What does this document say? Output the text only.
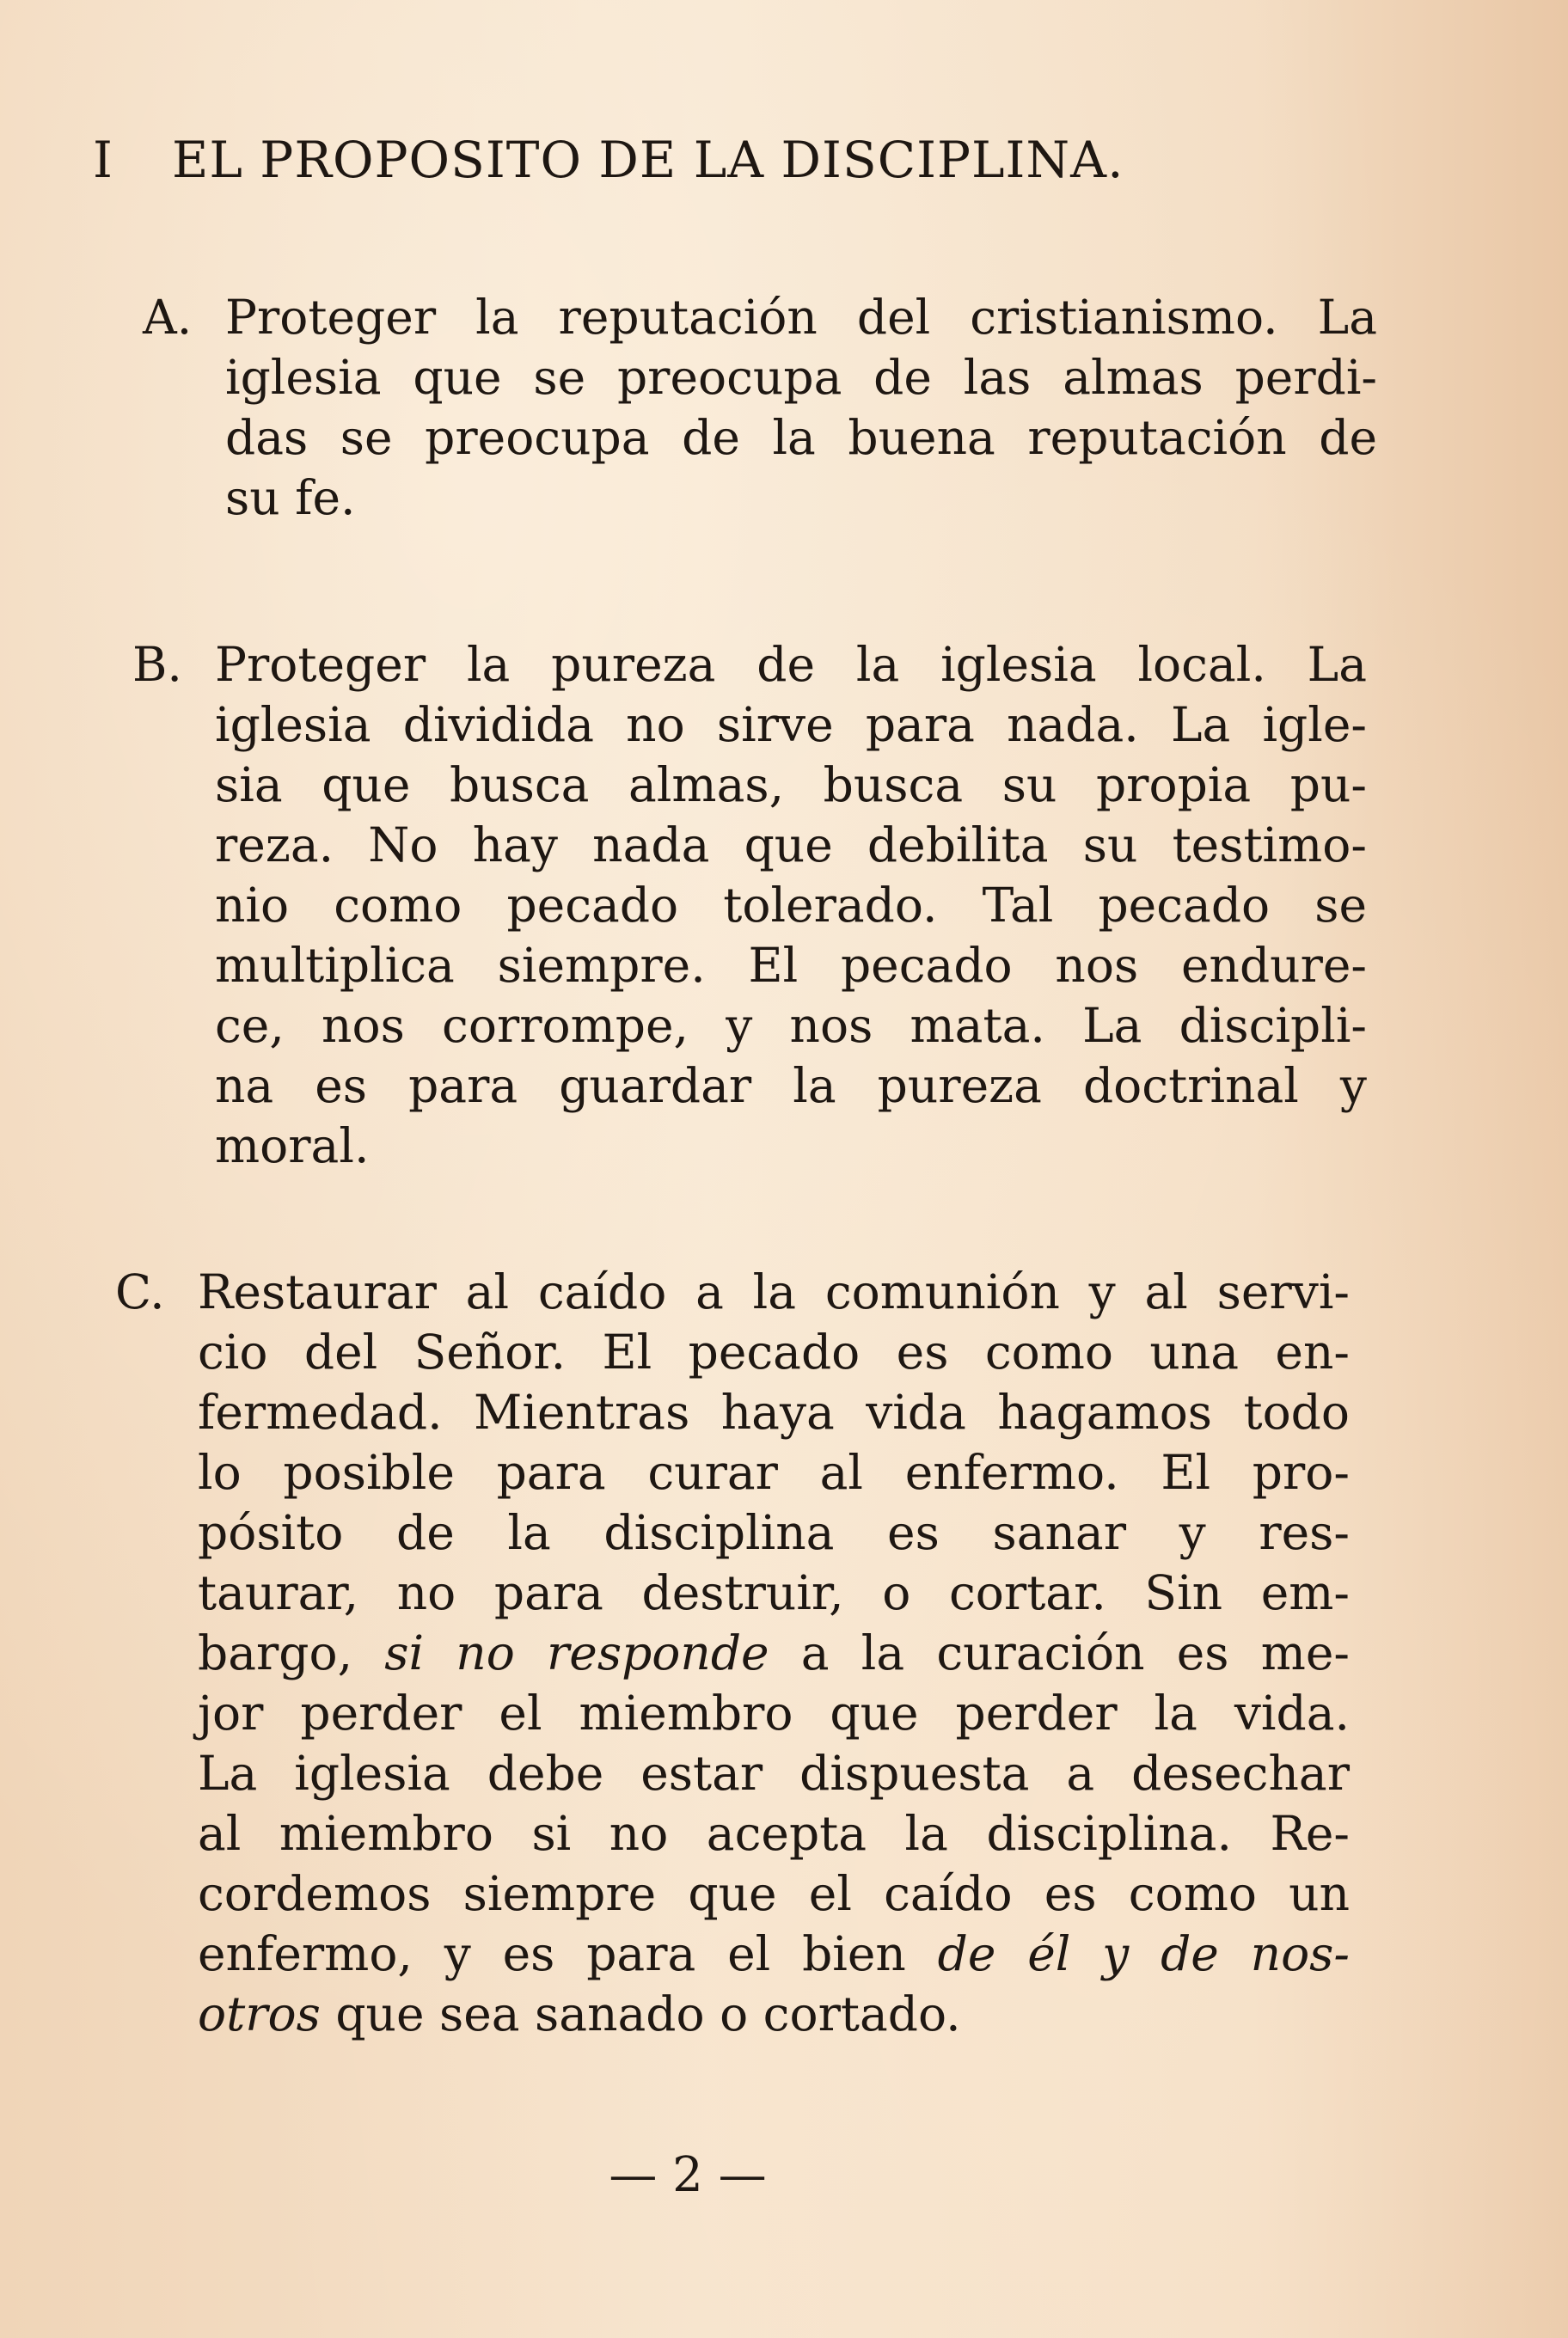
I EL PROPOSITO DE LA DISCIPLINA.
A. Proteger la reputación del cristianismo. La
iglesia que se preocupa de las almas perdi-
das se preocupa de la buena reputación de
su fe.
B. Proteger la pureza de la iglesia local. La
iglesia dividida no sirve para nada. La igle-
sia que busca almas, busca su propia pu-
reza. No hay nada que debilita su testimo-
nio como pecado tolerado. Tal pecado se
multiplica siempre. El pecado nos endure-
ce, nos corrompe, y nos mata. La discipli-
na es para guardar la pureza doctrinal y
moral.
C. Restaurar al caído a la comunión y al servi-
cio del Señor. El pecado es como una en-
fermedad. Mientras haya vida hagamos todo
lo posible para curar al enfermo. El pro-
pósito de la disciplina es sanar y res-
taurar, no para destruir, o cortar. Sin em-
bargo, si no responde a la curación es me-
jor perder el miembro que perder la vida.
La iglesia debe estar dispuesta a desechar
al miembro si no acepta la disciplina. Re-
cordemos siempre que el caído es como un
enfermo, y es para el bien de él y de nos-
otros que sea sanado o cortado.
— 2 —
